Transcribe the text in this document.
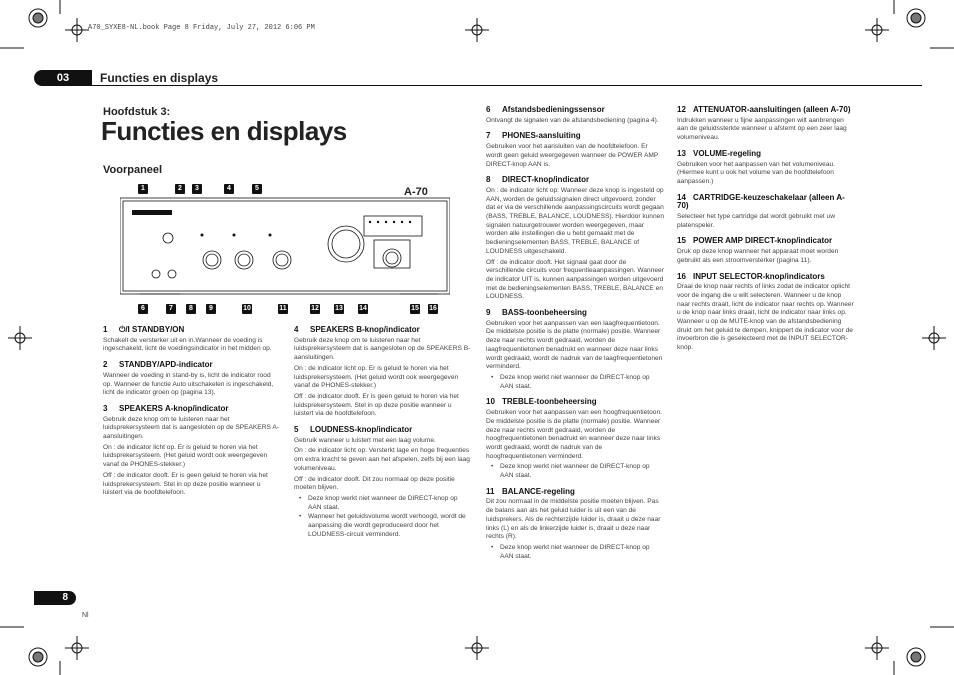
A70_SYXE8-NL.book Page 8 Friday, July 27, 2012 6:06 PM
03	Functies en displays
Hoofdstuk 3:
Functies en displays
Voorpaneel
A-70
1	2	3	4	5
6	7	8	9	10	11	12 13 14	15 16
1 ⏻/I STANDBY/ON

Schakelt de versterker uit en in.Wanneer de voeding is ingeschakeld, licht de voedingsindicator in het midden op.

2 STANDBY/APD-indicator

Wanneer de voeding in stand-by is, licht de indicator rood op. Wanneer de functie Auto uitschakelen is ingeschakeld, licht de indicator groen op (pagina 13).

3 SPEAKERS A-knop/indicator

Gebruik deze knop om te luisteren naar het luidsprekersysteem dat is aangesloten op de SPEAKERS A-aansluitingen.

On : de indicator licht op. Er is geluid te horen via het luidsprekersysteem. (Het geluid wordt ook weergegeven vanaf de PHONES-stekker.)

Off : de indicator dooft. Er is geen geluid te horen via het luidsprekersysteem. Stel in op deze positie wanneer u luistert via de hoofdtelefoon.

4 SPEAKERS B-knop/indicator

Gebruik deze knop om te luisteren naar het luidsprekersysteem dat is aangesloten op de SPEAKERS B-aansluitingen.

On : de indicator licht op. Er is geluid te horen via het luidsprekersysteem. (Het geluid wordt ook weergegeven vanaf de PHONES-stekker.)

Off : de indicator dooft. Er is geen geluid te horen via het luidsprekersysteem. Stel in op deze positie wanneer u luistert via de hoofdtelefoon.

5 LOUDNESS-knop/indicator

Gebruik wanneer u luistert met een laag volume.

On : de indicator licht op: Versterkt lage en hoge frequenties om extra kracht te geven aan het afspelen, zelfs bij een laag volumeniveau.

Off : de indicator dooft. Dit zou normaal op deze positie moeten blijven.

• Deze knop werkt niet wanneer de DIRECT-knop op AAN staat.
• Wanneer het geluidsvolume wordt verhoogd, wordt de aanpassing die wordt geproduceerd door het LOUDNESS-circuit verminderd.
6 Afstandsbedieningssensor

Ontvangt de signalen van de afstandsbediening (pagina 4).

7 PHONES-aansluiting

Gebruiken voor het aansluiten van de hoofdtelefoon. Er wordt geen geluid weergegeven wanneer de POWER AMP DIRECT-knop AAN is.

8 DIRECT-knop/indicator

On : de indicator licht op: Wanneer deze knop is ingesteld op AAN, worden de geluidssignalen direct uitgevoerd, zonder dat er via de verschillende aanpassingscircuits wordt gegaan (BASS, TREBLE, BALANCE, LOUDNESS). Hierdoor kunnen signalen natuurgetrouwer worden weergegeven, maar worden alle instellingen die u hebt gemaakt met de bedieningselementen BASS, TREBLE, BALANCE of LOUDNESS uitgeschakeld.

Off : de indicator dooft. Het signaal gaat door de verschillende circuits voor frequentieaanpassingen. Wanneer de indicator UIT is, kunnen aanpassingen worden uitgevoerd met de bedieningselementen BASS, TREBLE, BALANCE en LOUDNESS.

9 BASS-toonbeheersing

Gebruiken voor het aanpassen van een laagfrequentietoon. De middelste positie is de platte (normale) positie. Wanneer deze naar rechts wordt gedraaid, worden de laagfrequentietonen benadrukt en wanneer deze naar links wordt gedraaid, wordt de nadruk van de laagfrequentietonen verminderd.

• Deze knop werkt niet wanneer de DIRECT-knop op AAN staat.
10 TREBLE-toonbeheersing

Gebruiken voor het aanpassen van een hoogfrequentietoon. De middelste positie is de platte (normale) positie. Wanneer deze naar rechts wordt gedraaid, worden de hoogfrequentietonen benadrukt en wanneer deze naar links wordt gedraaid, wordt de nadruk van de hoogfrequentietonen verminderd.

• Deze knop werkt niet wanneer de DIRECT-knop op AAN staat.
11 BALANCE-regeling

Dit zou normaal in de middelste positie moeten blijven. Pas de balans aan als het geluid luider is uit een van de luidsprekers. Als de rechterzijde luider is, draait u deze naar links (L) en als de linkerzijde luider is, draait u deze naar rechts (R).

• Deze knop werkt niet wanneer de DIRECT-knop op AAN staat.
12 ATTENUATOR-aansluitingen (alleen A-70)

Indrukken wanneer u fijne aanpassingen wilt aanbrengen aan de geluidssterkte wanneer u afstemt op een zeer laag volumeniveau.

13 VOLUME-regeling

Gebruiken voor het aanpassen van het volumeniveau. (Hiermee kunt u ook het volume van de hoofdtelefoon aanpassen.)

14 CARTRIDGE-keuzeschakelaar (alleen A-70)

Selecteer het type cartridge dat wordt gebruikt met uw platenspeler.

15 POWER AMP DIRECT-knop/indicator

Druk op deze knop wanneer het apparaat moet worden gebruikt als een stroomversterker (pagina 11).

16 INPUT SELECTOR-knop/indicators

Draai de knop naar rechts of links zodat de indicator oplicht voor de ingang die u wilt selecteren. Wanneer u de knop naar rechts draait, licht de indicator naar rechts op. Wanneer u de knop naar links draait, licht de indicator naar links op. Wanneer u op de MUTE-knop van de afstandsbediening drukt om het geluid te dempen, knippert de indicator voor de invoerbron die is geselecteerd met de INPUT SELECTOR-knop.

8
Nl
